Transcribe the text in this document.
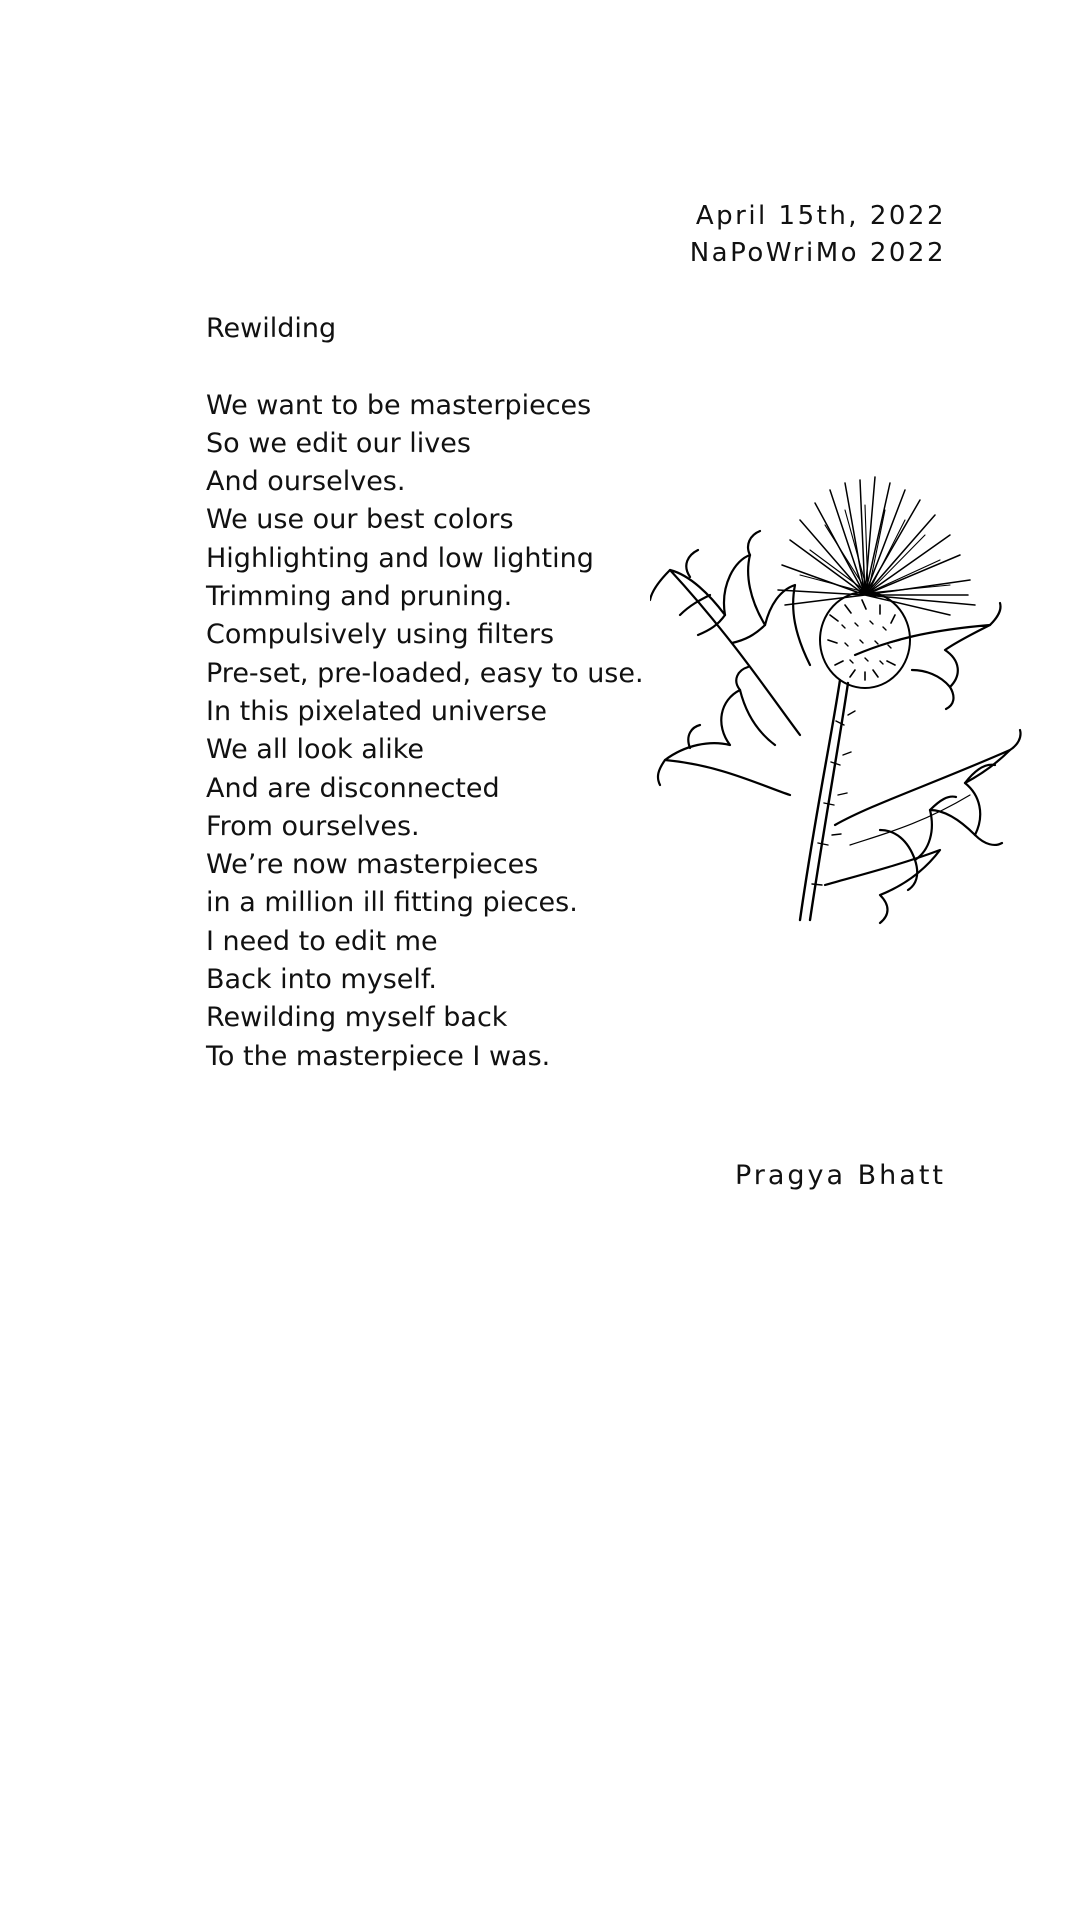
April 15th, 2022
NaPoWriMo 2022
Rewilding
We want to be masterpieces
So we edit our lives
And ourselves.
We use our best colors
Highlighting and low lighting
Trimming and pruning.
Compulsively using filters
Pre-set, pre-loaded, easy to use.
In this pixelated universe
We all look alike
And are disconnected
From ourselves.
We’re now masterpieces
in a million ill fitting pieces.
I need to edit me
Back into myself.
Rewilding myself back
To the masterpiece I was.
Pragya Bhatt
